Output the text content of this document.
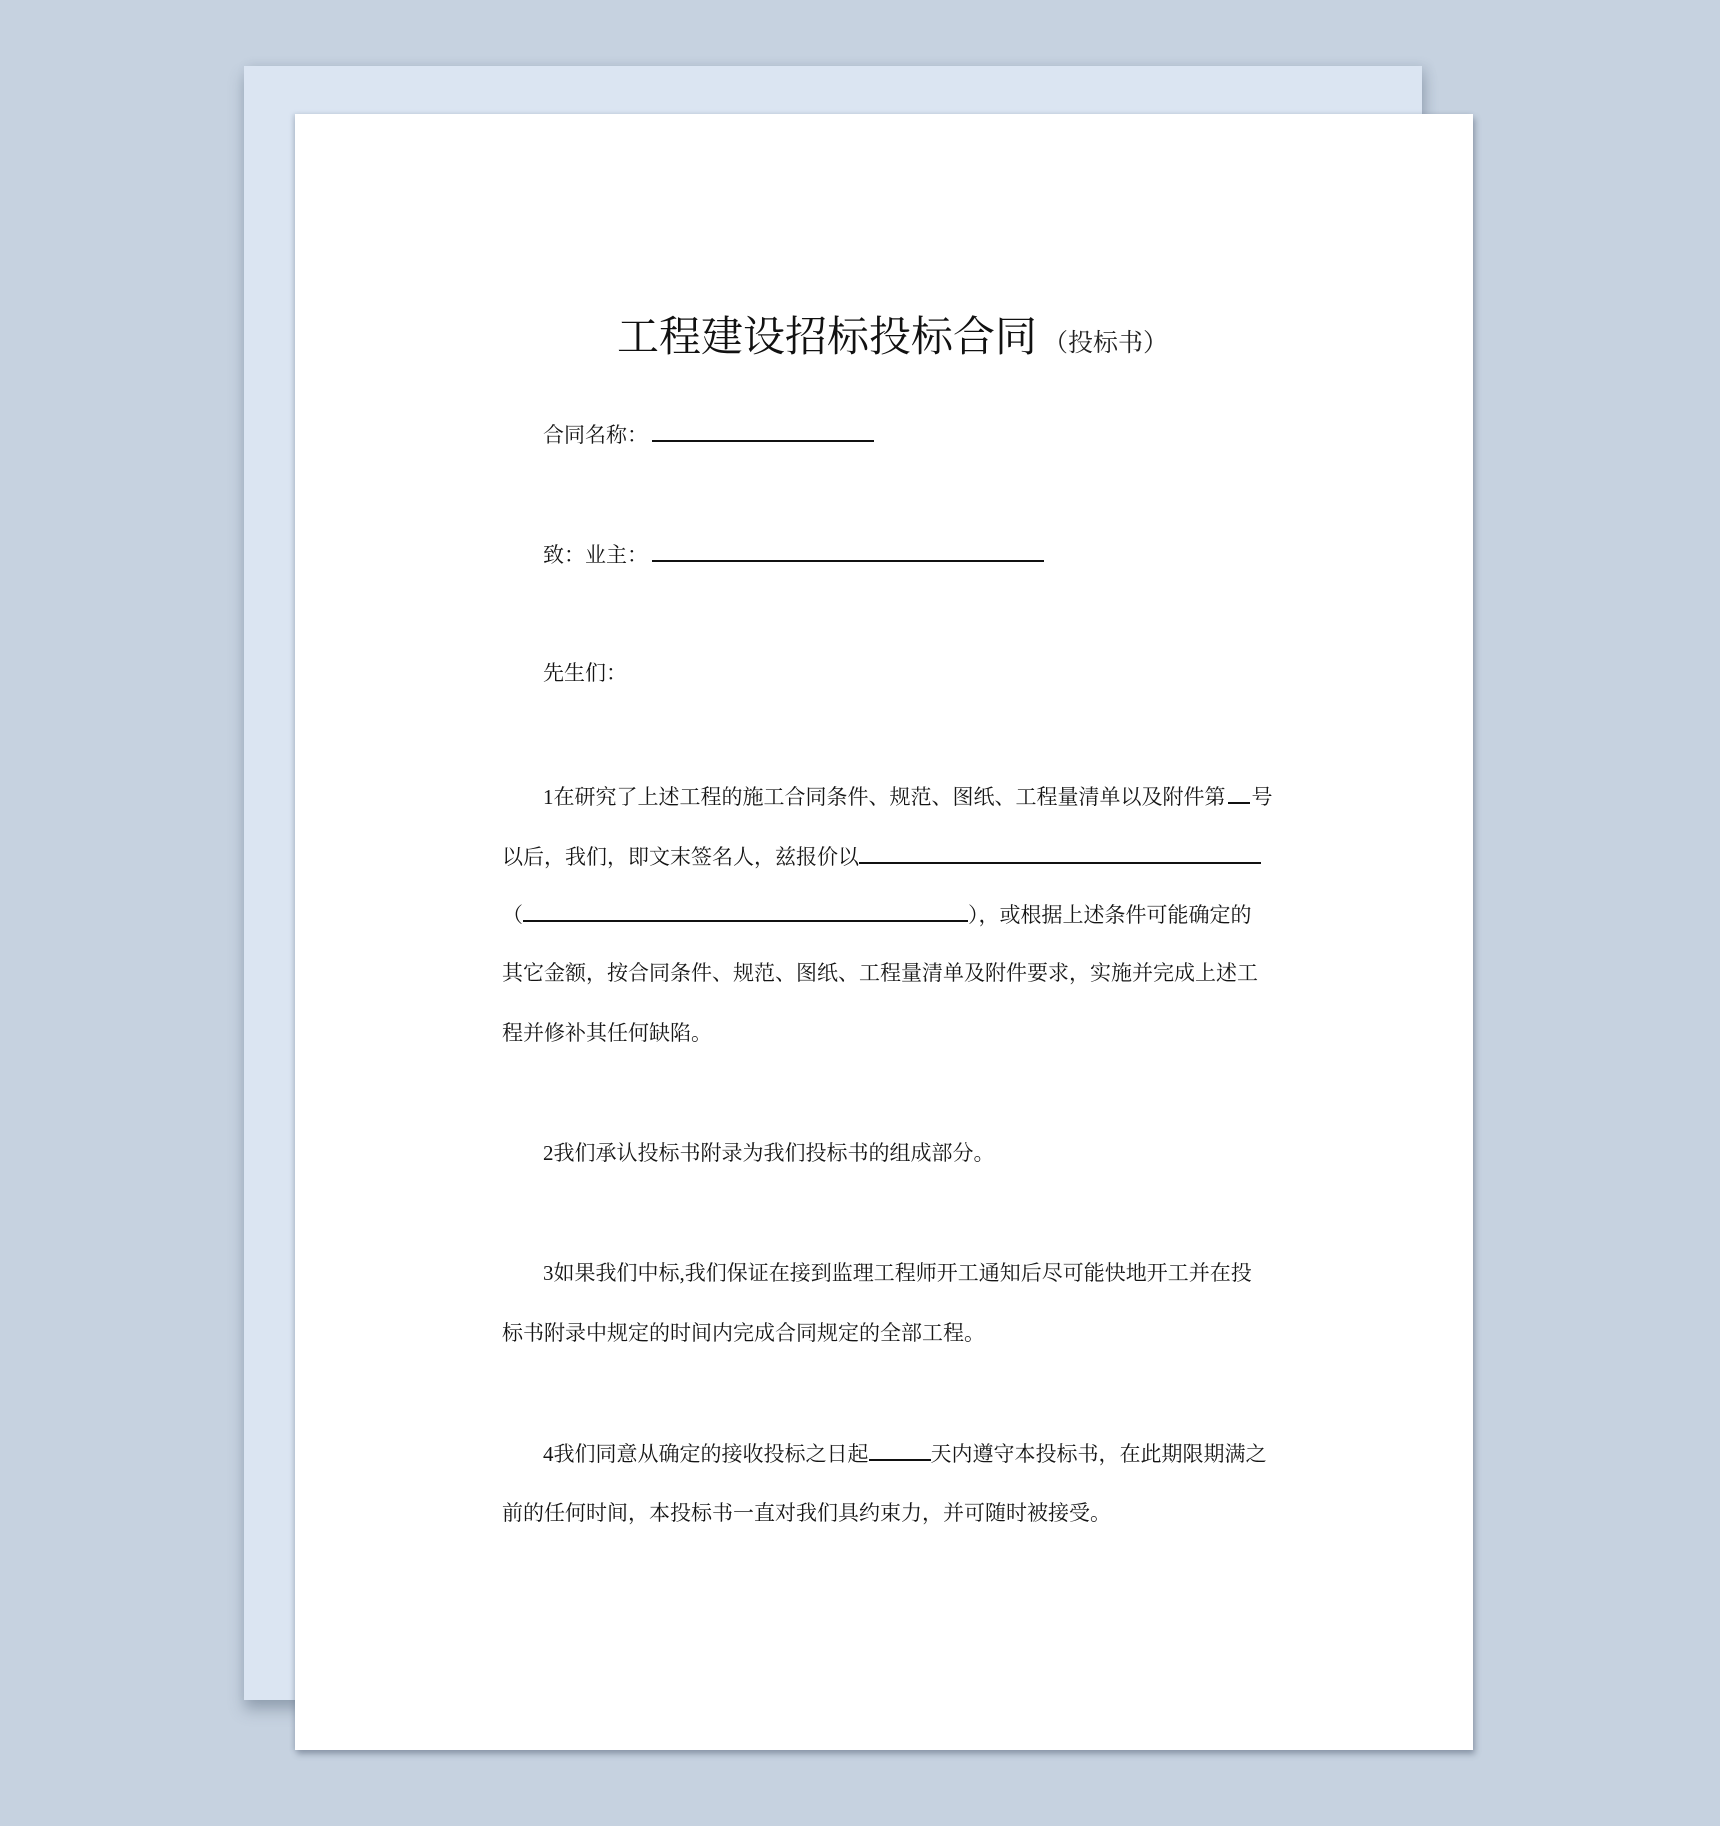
工程建设招标投标合同 （投标书）
合同名称：
致：业主：
先生们：
1在研究了上述工程的施工合同条件、规范、图纸、工程量清单以及附件第 号
以后，我们，即文末签名人，兹报价以
（	），或根据上述条件可能确定的
其它金额，按合同条件、规范、图纸、工程量清单及附件要求，实施并完成上述工
程并修补其任何缺陷。
2我们承认投标书附录为我们投标书的组成部分。
3如果我们中标,我们保证在接到监理工程师开工通知后尽可能快地开工并在投
标书附录中规定的时间内完成合同规定的全部工程。
4我们同意从确定的接收投标之日起	天内遵守本投标书，在此期限期满之
前的任何时间，本投标书一直对我们具约束力，并可随时被接受。
